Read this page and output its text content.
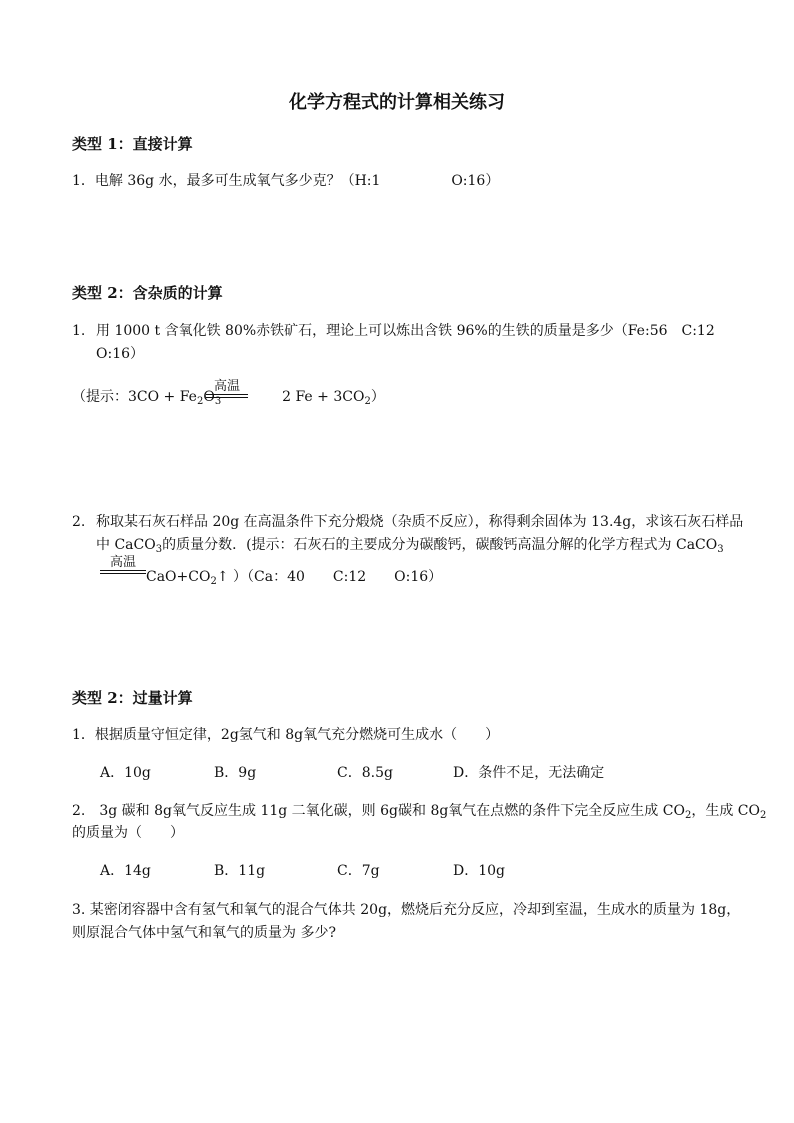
化学方程式的计算相关练习
类型 1：直接计算
1．电解 36g 水，最多可生成氧气多少克？（H:1	O:16）
类型 2：含杂质的计算
1. 用 1000 t 含氧化铁 80%赤铁矿石，理论上可以炼出含铁 96%的生铁的质量是多少（Fe:56　C:12
O:16）
（提示：$3CO + Fe_2O_3$	2 $Fe + 3CO_2$）
高温
2. 称取某石灰石样品 20g 在高温条件下充分煅烧（杂质不反应），称得剩余固体为 13.4g，求该石灰石样品
中 CaCO$_3$的质量分数．(提示：石灰石的主要成分为碳酸钙，碳酸钙高温分解的化学方程式为 CaCO$_3$
高温
$CaO+CO_2↑$ ）（Ca：40　　C:12　　O:16）
类型 2：过量计算
1．根据质量守恒定律，2g氢气和 8g氧气充分燃烧可生成水（　　）
A．10g	B．9g	C．8.5g	D．条件不足，无法确定
2.　3g 碳和 8g氧气反应生成 11g 二氧化碳，则 6g碳和 8g氧气在点燃的条件下完全反应生成 $CO_2$，生成 $CO_2$
的质量为（　　）
A．14g	B．11g	C．7g	D．10g
3. 某密闭容器中含有氢气和氧气的混合气体共 20g，燃烧后充分反应，冷却到室温，生成水的质量为 18g，
则原混合气体中氢气和氧气的质量为 多少?
